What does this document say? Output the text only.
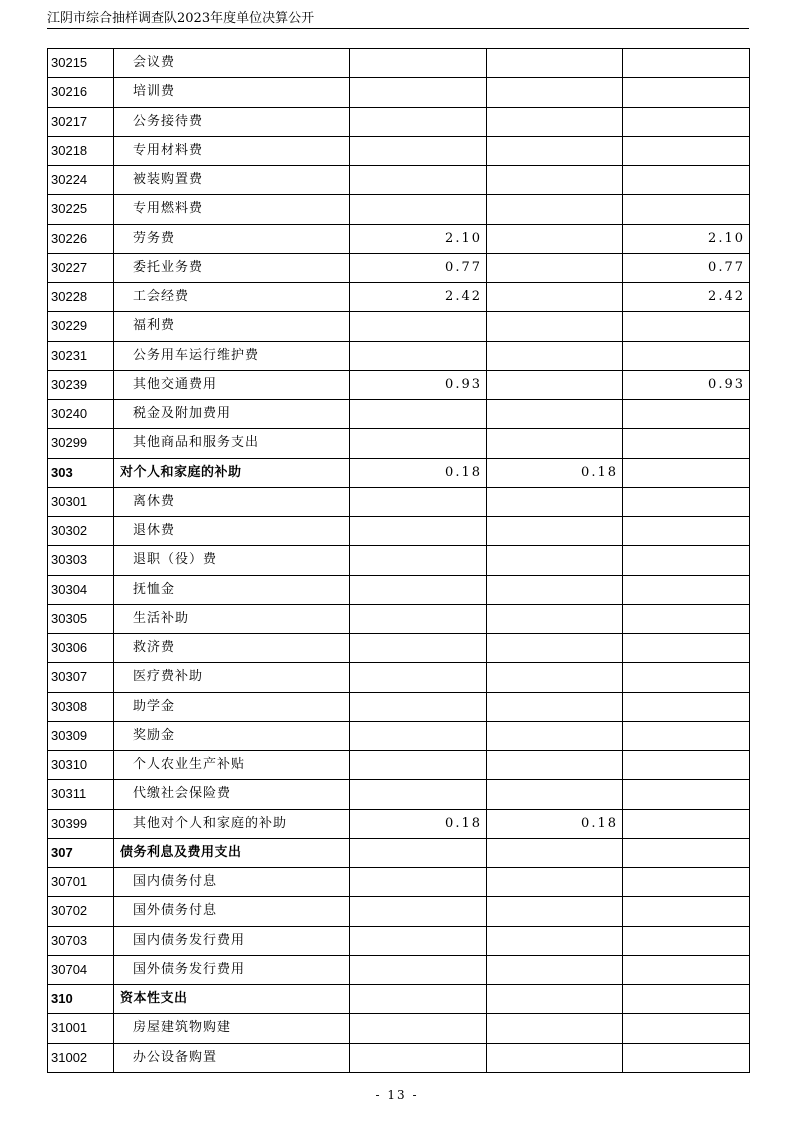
江阴市综合抽样调查队2023年度单位决算公开
30215	会议费			
30216	培训费			
30217	公务接待费			
30218	专用材料费			
30224	被装购置费			
30225	专用燃料费			
30226	劳务费	2.10		2.10
30227	委托业务费	0.77		0.77
30228	工会经费	2.42		2.42
30229	福利费			
30231	公务用车运行维护费			
30239	其他交通费用	0.93		0.93
30240	税金及附加费用			
30299	其他商品和服务支出			
303	对个人和家庭的补助	0.18	0.18	
30301	离休费			
30302	退休费			
30303	退职（役）费			
30304	抚恤金			
30305	生活补助			
30306	救济费			
30307	医疗费补助			
30308	助学金			
30309	奖励金			
30310	个人农业生产补贴			
30311	代缴社会保险费			
30399	其他对个人和家庭的补助	0.18	0.18	
307	债务利息及费用支出			
30701	国内债务付息			
30702	国外债务付息			
30703	国内债务发行费用			
30704	国外债务发行费用			
310	资本性支出			
31001	房屋建筑物购建			
31002	办公设备购置			
- 13 -
